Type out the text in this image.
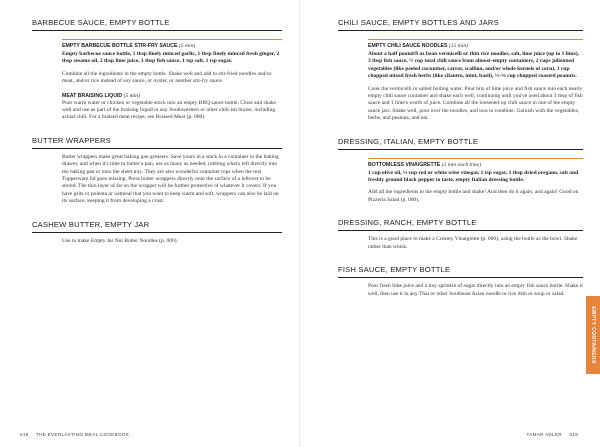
BARBECUE SAUCE, EMPTY BOTTLE
EMPTY BARBECUE BOTTLE STIR-FRY SAUCE (5 min)
Empty barbecue sauce bottle, 1 tbsp finely minced garlic, 1 tbsp finely minced fresh ginger, 2 tbsp sesame oil, 2 tbsp lime juice, 1 tbsp fish sauce, 1 tsp salt, 1 tsp sugar.
Combine all the ingredients in the empty bottle. Shake well and add to stir-fried noodles and/or meat, and/or rice instead of soy sauce, or oyster, or another stir-fry sauce.
MEAT BRAISING LIQUID (5 min)
Pour warm water or chicken or vegetable stock into an empty BBQ sauce bottle. Close and shake well and use as part of the braising liquid in any Southwestern or other chili-ish braise, including actual chili. For a braised meat recipe, see Braised Meat (p. 000).
BUTTER WRAPPERS
Butter wrappers make great baking pan greasers. Save yours in a stack in a container in the baking drawer, and when it's time to butter a pan, use as many as needed, rubbing what's left directly into the baking pan or onto the sheet tray. They are also wonderful container tops when the teal Tupperware lid goes missing. Press butter wrappers directly onto the surface of a leftover to be stored. The thin layer of fat on the wrapper will be further protective of whatever it covers. If you have grits or polenta or oatmeal that you want to keep warm and soft, wrappers can also be laid on its surface, keeping it from developing a crust.
CASHEW BUTTER, EMPTY JAR
Use to make Empty Jar Nut Butter Noodles (p. 000).
518 THE EVERLASTING MEAL COOKBOOK
CHILI SAUCE, EMPTY BOTTLES AND JARS
EMPTY CHILI SAUCE NOODLES (15 min)
About a half pound/8 oz bean vermicelli or thin rice noodles, salt, lime juice (up to 1 lime), 3 tbsp fish sauce, ½ cup total chili sauce from almost-empty containers, 2 cups julienned vegetables (like peeled cucumber, carrot, scallion, and/or whole kernels of corn), 1 cup chopped mixed fresh herbs (like cilantro, mint, basil), ⅔–¾ cup chopped roasted peanuts.
Cook the vermicelli in salted boiling water. Pour bits of lime juice and fish sauce into each nearly empty chili sauce container and shake each well, continuing until you've used about 3 tbsp of fish sauce and 1 lime's worth of juice. Combine all the loosened-up chili sauce in one of the empty sauce jars. Shake well, pour over the noodles, and toss to combine. Garnish with the vegetables, herbs, and peanuts, and eat.
DRESSING, ITALIAN, EMPTY BOTTLE
BOTTOMLESS VINAIGRETTE (5 min each time)
1 cup olive oil, ⅓ cup red or white wine vinegar, 1 tsp sugar, 1 tbsp dried oregano, salt and freshly ground black pepper to taste, empty Italian dressing bottle.
Add all the ingredients to the empty bottle and shake! And then do it again, and again! Good on Pizzeria Salad (p. 000).
DRESSING, RANCH, EMPTY BOTTLE
This is a good place to make a Creamy Vinaigrette (p. 000), using the bottle as the bowl. Shake rather than whisk.
FISH SAUCE, EMPTY BOTTLE
Pour fresh lime juice and a tiny sprinkle of sugar directly into an empty fish sauce bottle. Shake it well, then use it in any Thai or other Southeast Asian noodle or rice dish or soup or salad.
TAMAR ADLER 519
EMPTY CONTAINERS
